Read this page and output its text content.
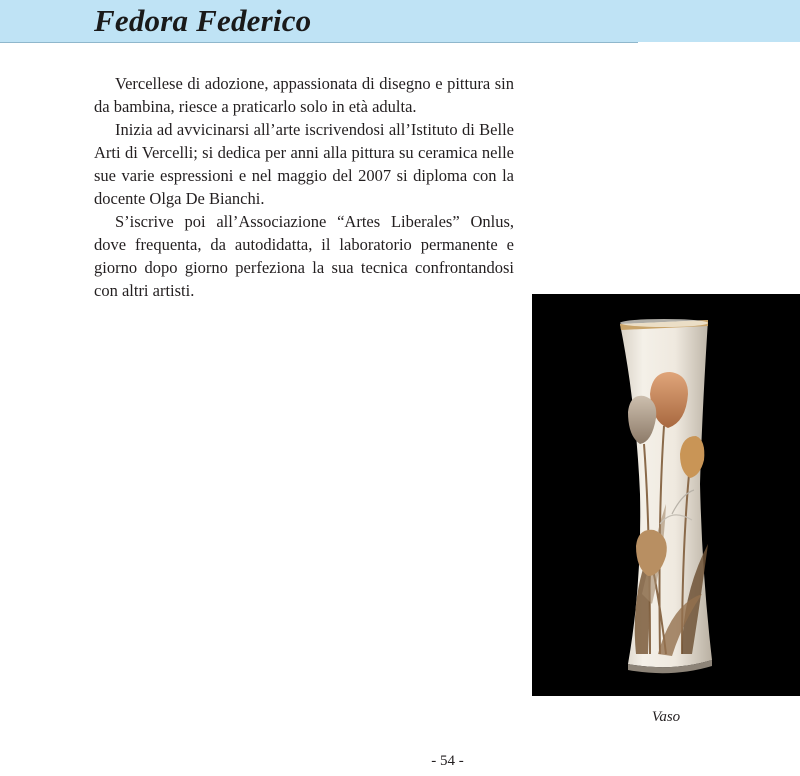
Fedora Federico

Vercellese di adozione, appassionata di disegno e pittura sin da bambina, riesce a praticarlo solo in età adulta.

Inizia ad avvicinarsi all’arte iscrivendosi all’Istituto di Belle Arti di Vercelli; si dedica per anni alla pittura su ceramica nelle sue varie espressioni e nel maggio del 2007 si diploma con la docente Olga De Bianchi.

S’iscrive poi all’Associazione “Artes Liberales” Onlus, dove frequenta, da autodidatta, il laboratorio permanente e giorno dopo giorno perfeziona la sua tecnica confrontandosi con altri artisti.

Vaso
- 54 -
